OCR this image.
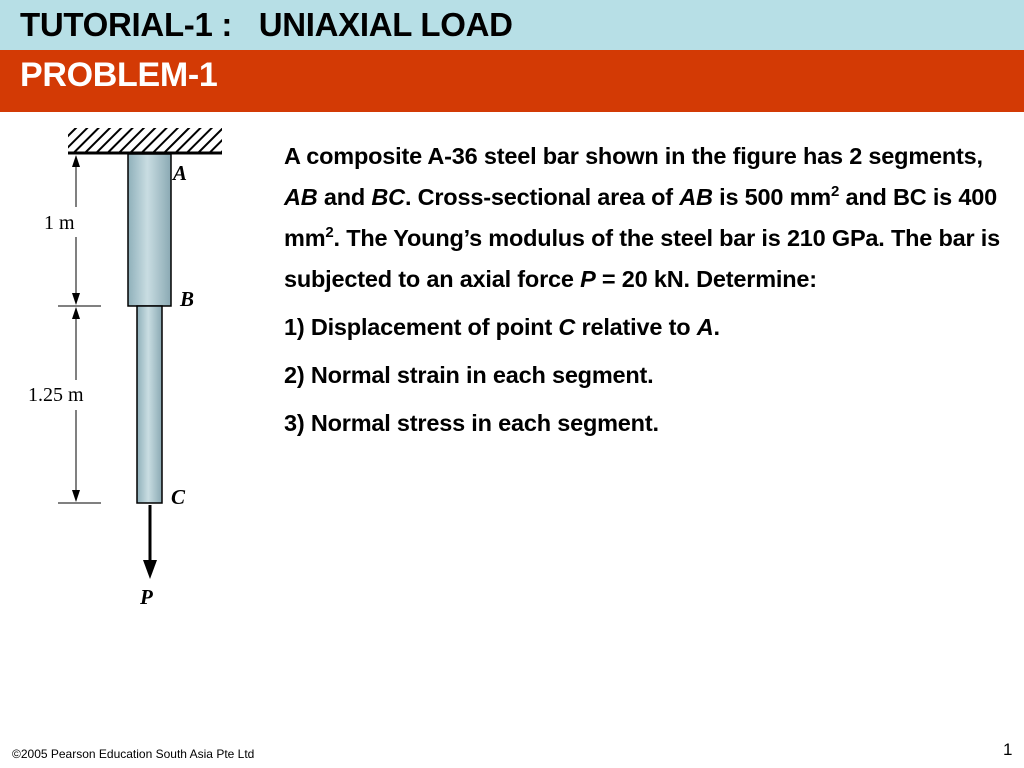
TUTORIAL-1 :   UNIAXIAL LOAD
PROBLEM-1
1 m
1.25 m
A
B
C
P

A composite A-36 steel bar shown in the figure has 2 segments, AB and BC. Cross-sectional area of AB is 500 $mm^2$ and BC is 400 $mm^2$. The Young’s modulus of the steel bar is 210 GPa. The bar is subjected to an axial force P = 20 kN. Determine:

1) Displacement of point C relative to A.

2) Normal strain in each segment.

3) Normal stress in each segment.

©2005 Pearson Education South Asia Pte Ltd	1
